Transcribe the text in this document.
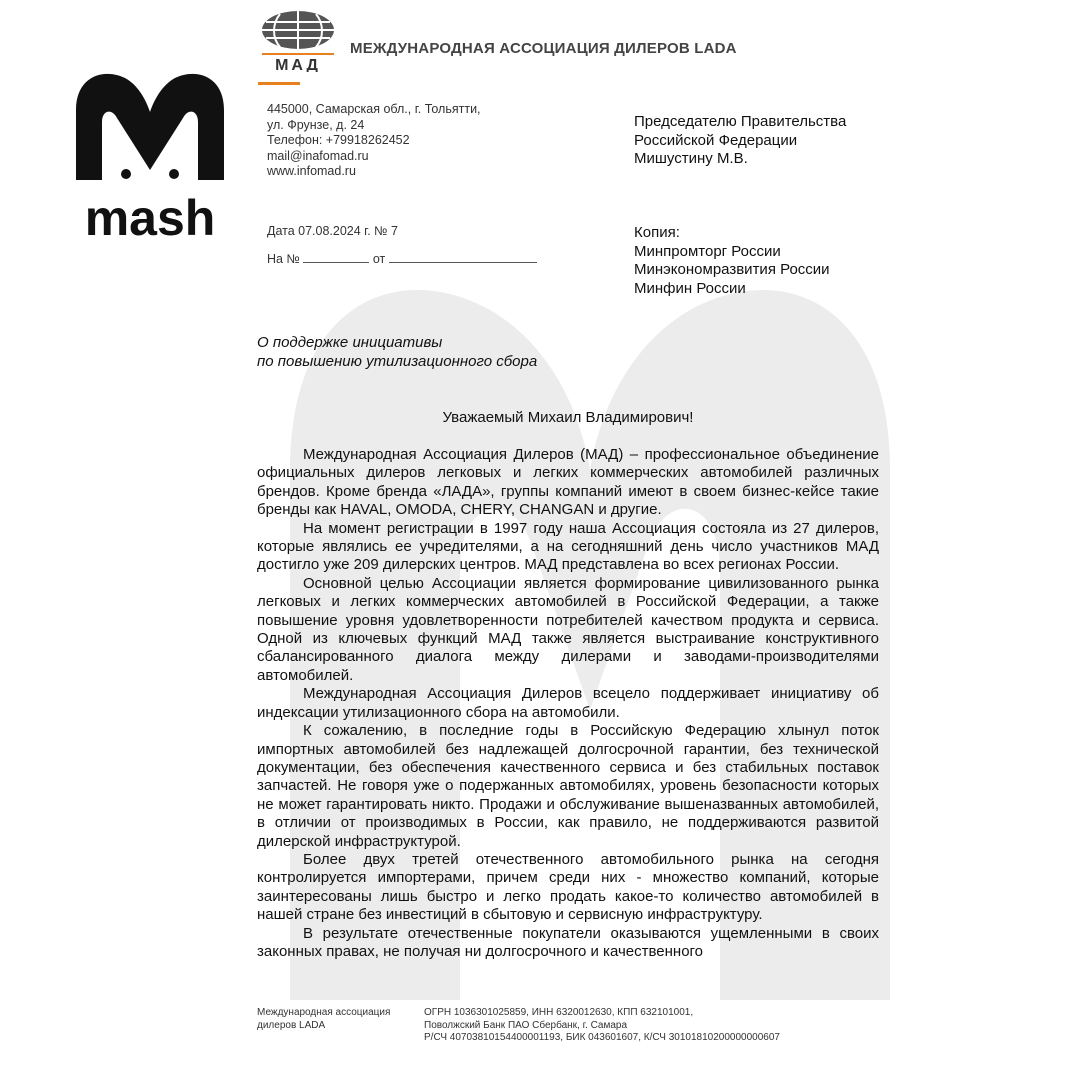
mash
МАД
МЕЖДУНАРОДНАЯ АССОЦИАЦИЯ ДИЛЕРОВ LADA
445000, Самарская обл., г. Тольятти,
ул. Фрунзе, д. 24
Телефон: +79918262452
mail@inafomad.ru
www.infomad.ru
Председателю Правительства
Российской Федерации
Мишустину М.В.
Дата 07.08.2024 г. № 7
На №	от
Копия:
Минпромторг России
Минэкономразвития России
Минфин России
О поддержке инициативы
по повышению утилизационного сбора
Уважаемый Михаил Владимирович!

Международная Ассоциация Дилеров (МАД) – профессиональное объединение официальных дилеров легковых и легких коммерческих автомобилей различных брендов. Кроме бренда «ЛАДА», группы компаний имеют в своем бизнес-кейсе такие бренды как HAVAL, OMODA, CHERY, CHANGAN и другие.

На момент регистрации в 1997 году наша Ассоциация состояла из 27 дилеров, которые являлись ее учредителями, а на сегодняшний день число участников МАД достигло уже 209 дилерских центров. МАД представлена во всех регионах России.

Основной целью Ассоциации является формирование цивилизованного рынка легковых и легких коммерческих автомобилей в Российской Федерации, а также повышение уровня удовлетворенности потребителей качеством продукта и сервиса. Одной из ключевых функций МАД также является выстраивание конструктивного сбалансированного диалога между дилерами и заводами-производителями автомобилей.

Международная Ассоциация Дилеров всецело поддерживает инициативу об индексации утилизационного сбора на автомобили.

К сожалению, в последние годы в Российскую Федерацию хлынул поток импортных автомобилей без надлежащей долгосрочной гарантии, без технической документации, без обеспечения качественного сервиса и без стабильных поставок запчастей. Не говоря уже о подержанных автомобилях, уровень безопасности которых не может гарантировать никто. Продажи и обслуживание вышеназванных автомобилей, в отличии от производимых в России, как правило, не поддерживаются развитой дилерской инфраструктурой.

Более двух третей отечественного автомобильного рынка на сегодня контролируется импортерами, причем среди них - множество компаний, которые заинтересованы лишь быстро и легко продать какое-то количество автомобилей в нашей стране без инвестиций в сбытовую и сервисную инфраструктуру.

В результате отечественные покупатели оказываются ущемленными в своих законных правах, не получая ни долгосрочного и качественного

Международная ассоциация
дилеров LADA
ОГРН 1036301025859, ИНН 6320012630, КПП 632101001,
Поволжский Банк ПАО Сбербанк, г. Самара
Р/СЧ 40703810154400001193, БИК 043601607, К/СЧ 30101810200000000607
